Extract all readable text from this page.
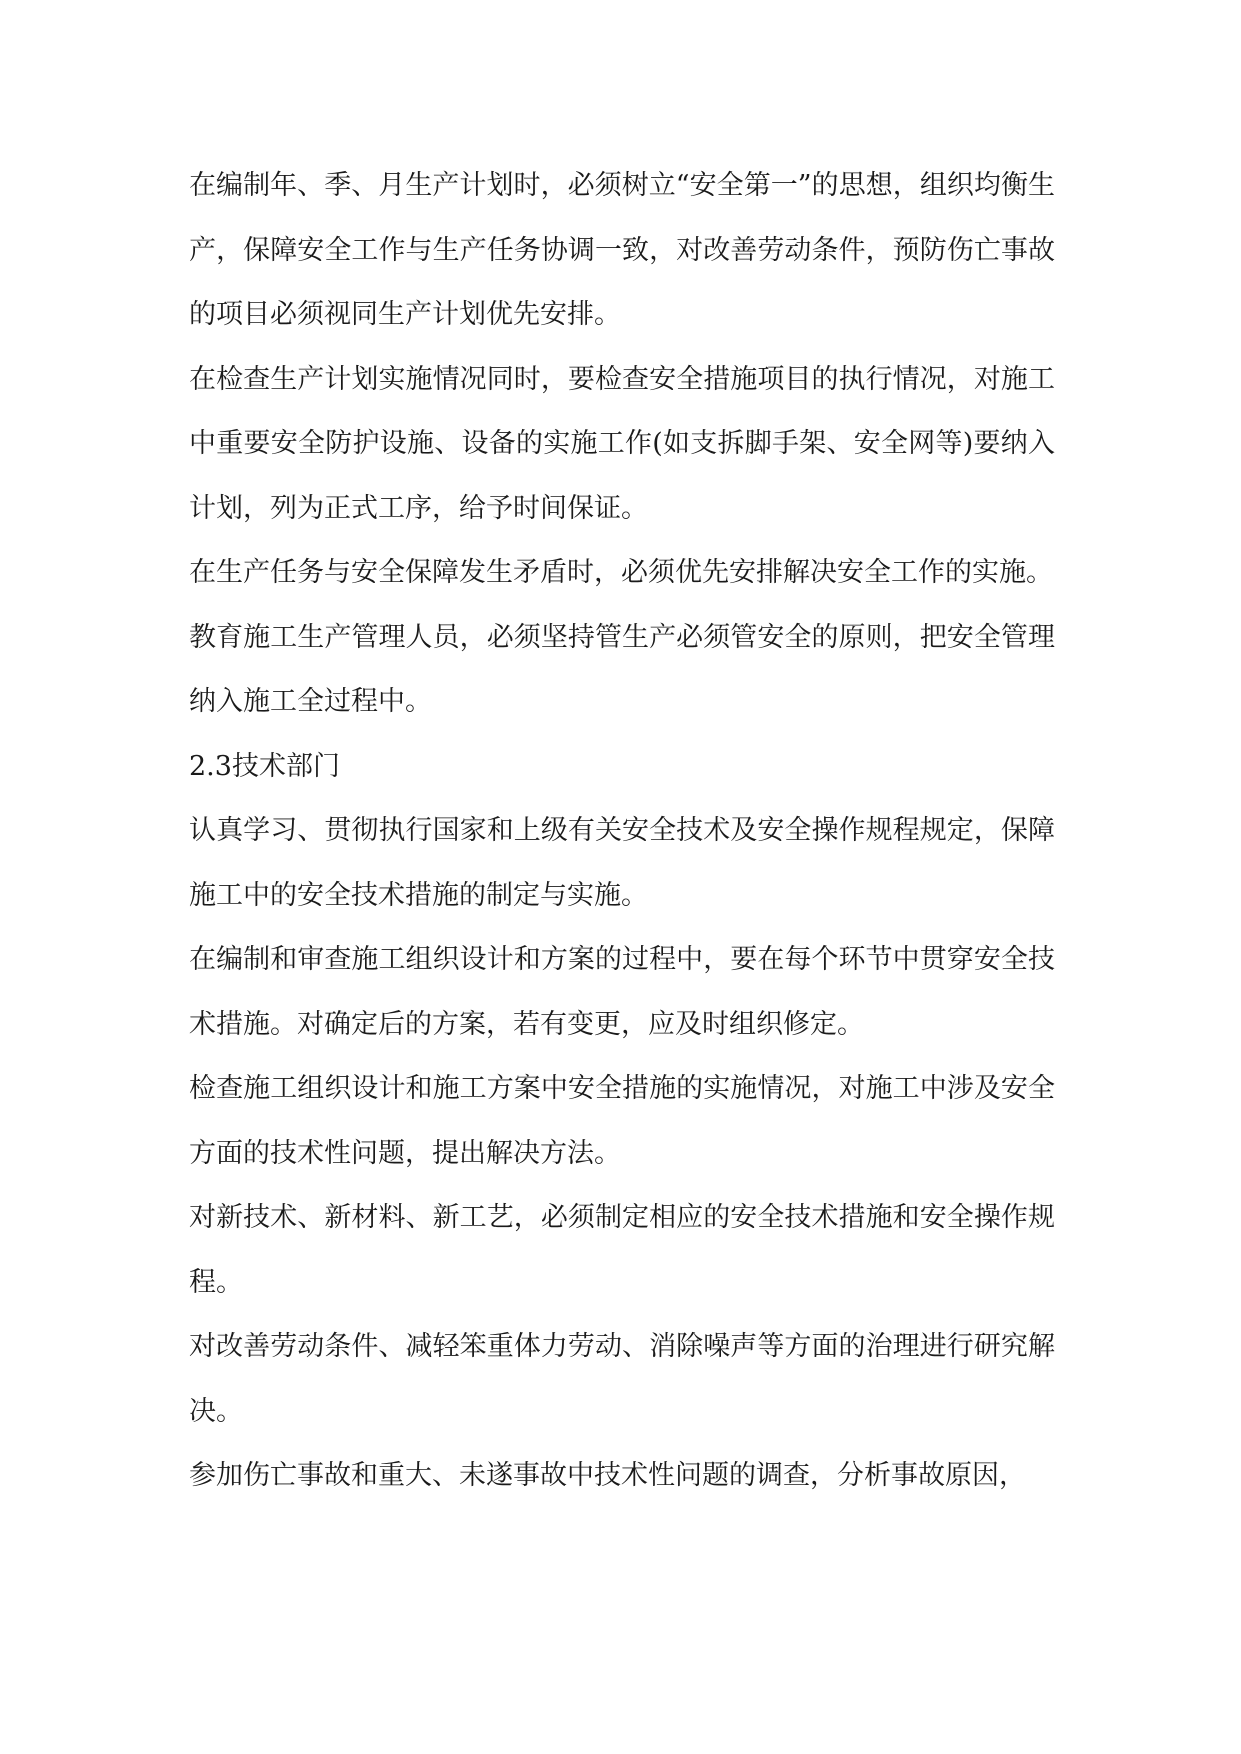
在编制年、季、月生产计划时，必须树立“安全第一”的思想，组织均衡生产，保障安全工作与生产任务协调一致，对改善劳动条件，预防伤亡事故的项目必须视同生产计划优先安排。

在检查生产计划实施情况同时，要检查安全措施项目的执行情况，对施工中重要安全防护设施、设备的实施工作(如支拆脚手架、安全网等)要纳入计划，列为正式工序，给予时间保证。

在生产任务与安全保障发生矛盾时，必须优先安排解决安全工作的实施。

教育施工生产管理人员，必须坚持管生产必须管安全的原则，把安全管理纳入施工全过程中。

2.3技术部门

认真学习、贯彻执行国家和上级有关安全技术及安全操作规程规定，保障施工中的安全技术措施的制定与实施。

在编制和审查施工组织设计和方案的过程中，要在每个环节中贯穿安全技术措施。对确定后的方案，若有变更，应及时组织修定。

检查施工组织设计和施工方案中安全措施的实施情况，对施工中涉及安全方面的技术性问题，提出解决方法。

对新技术、新材料、新工艺，必须制定相应的安全技术措施和安全操作规程。

对改善劳动条件、减轻笨重体力劳动、消除噪声等方面的治理进行研究解决。

参加伤亡事故和重大、未遂事故中技术性问题的调查，分析事故原因，
